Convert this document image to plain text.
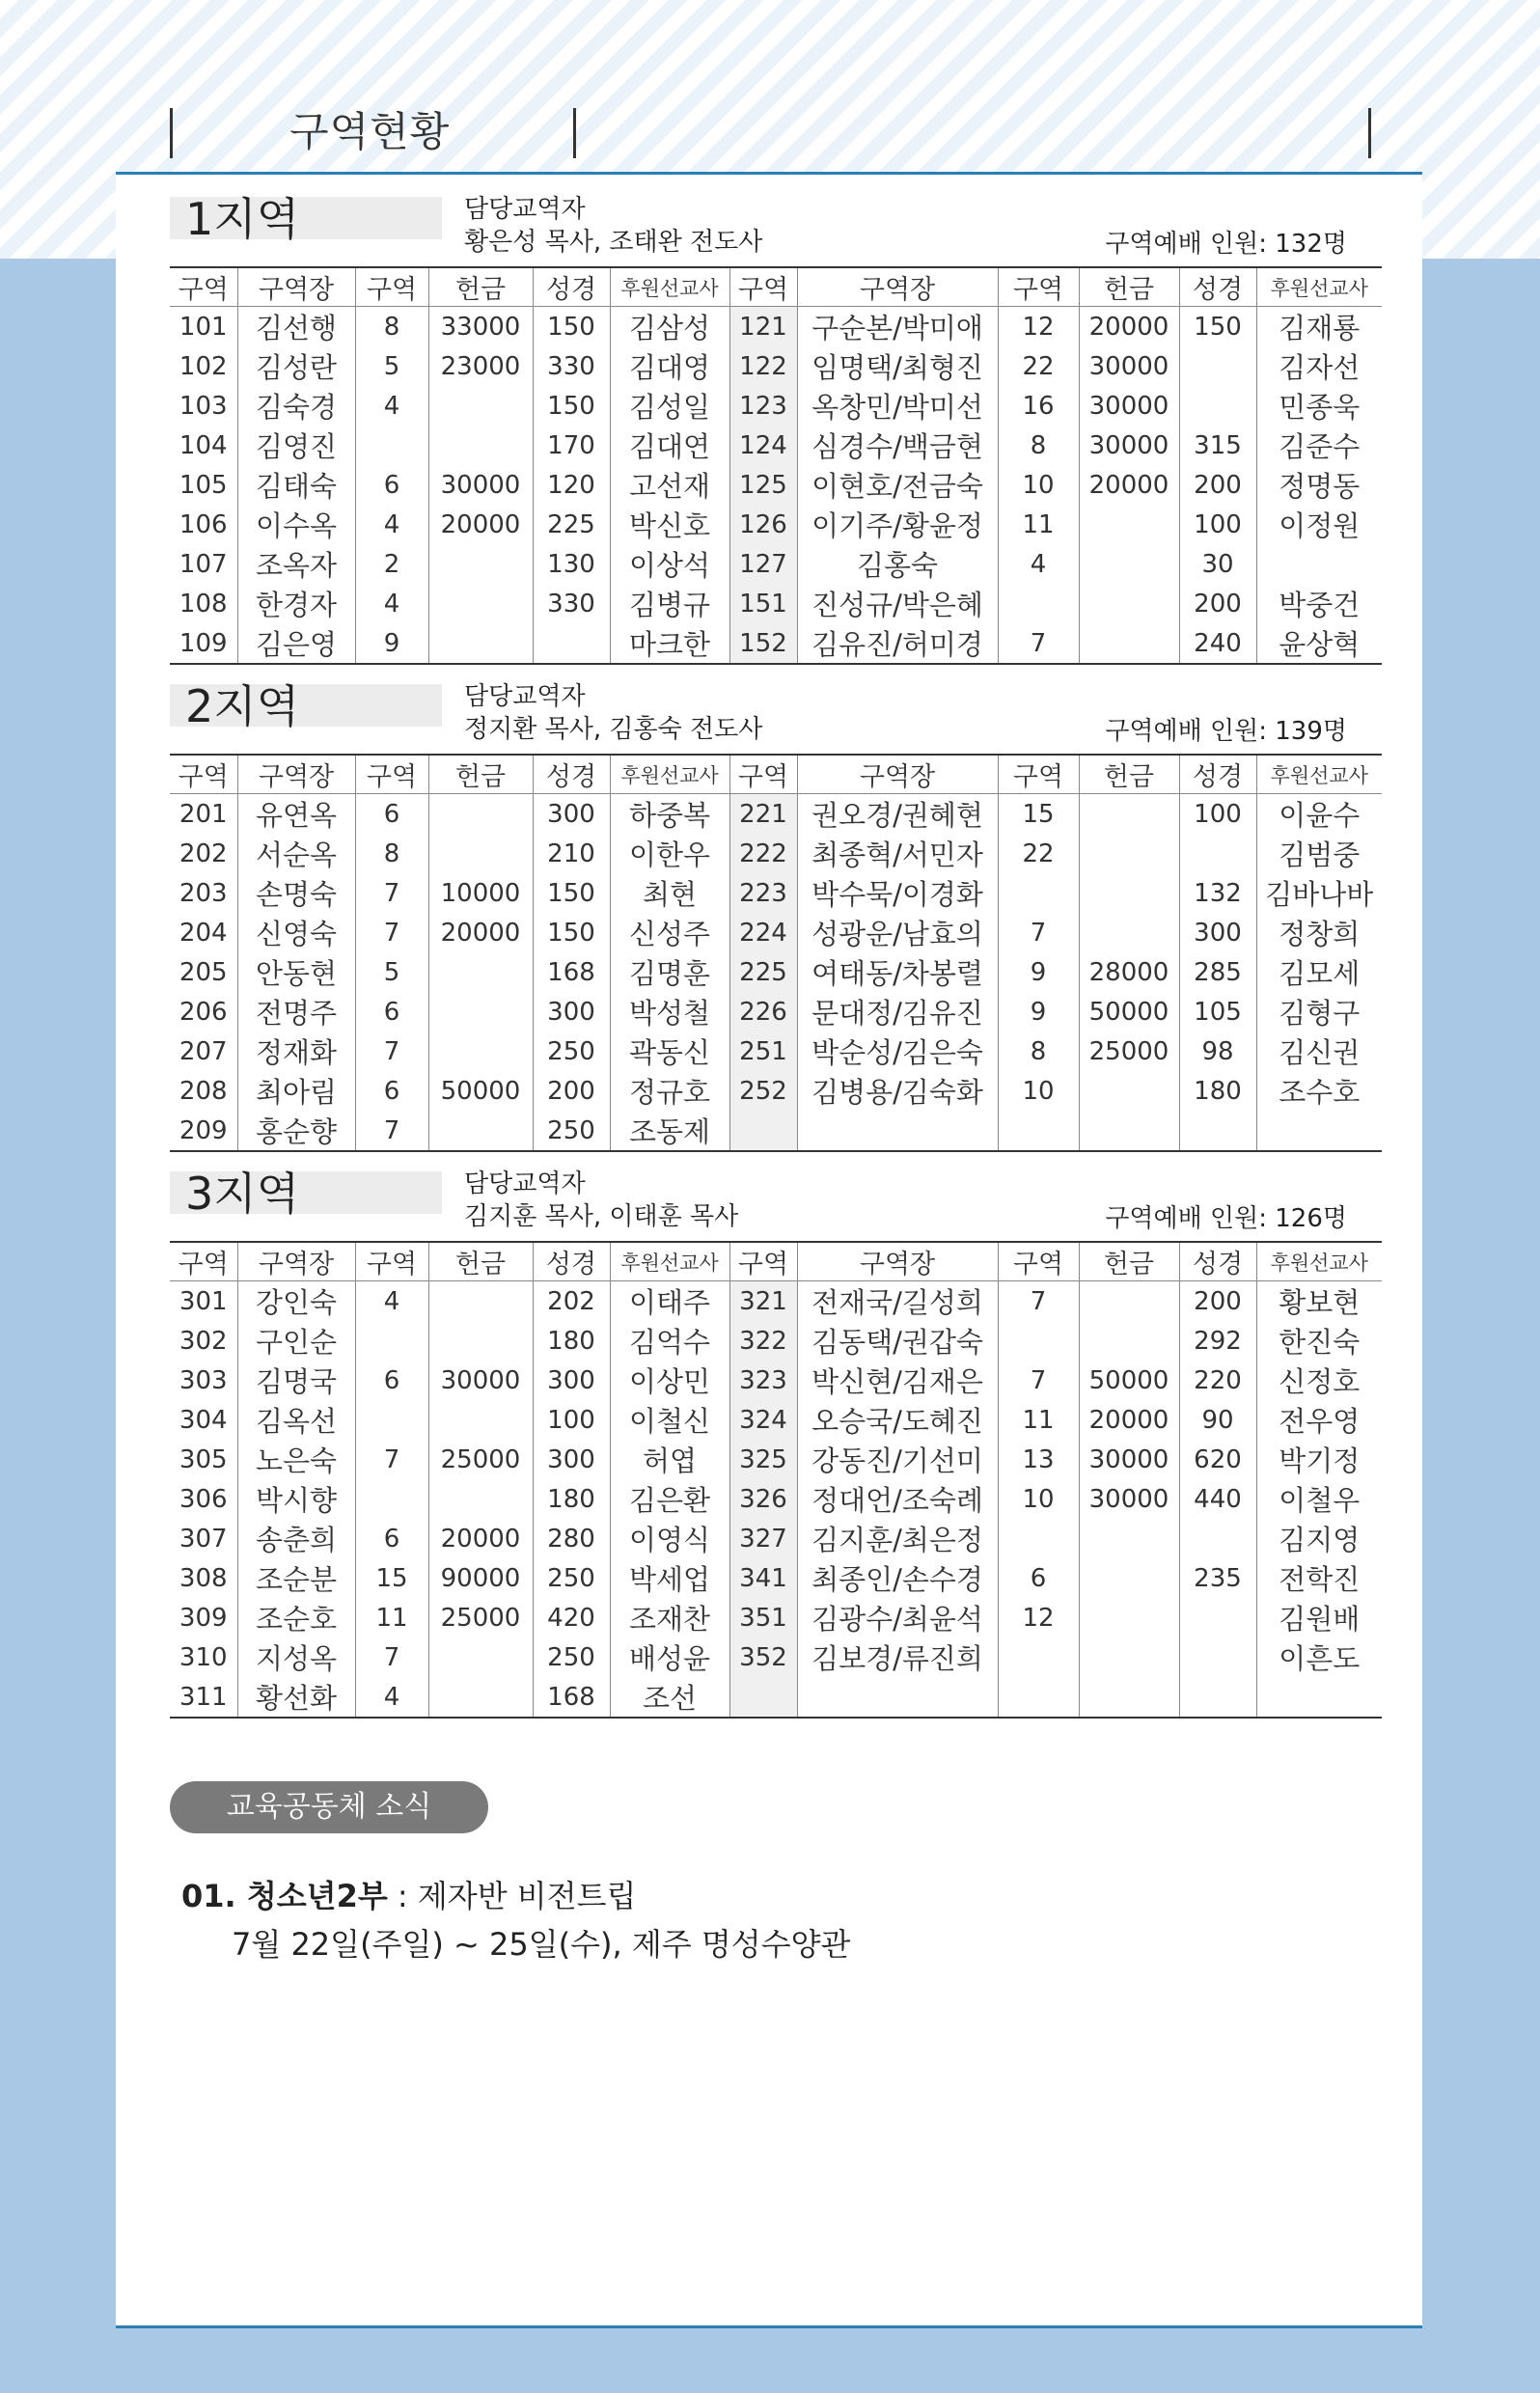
구역현황
1지역	담당교역자
황은성 목사, 조태완 전도사	구역예배 인원: 132명
구역	구역장	구역	헌금	성경	후원선교사	구역	구역장	구역	헌금	성경	후원선교사
101	김선행	8	33000	150	김삼성	121	구순본/박미애	12	20000	150	김재룡
102	김성란	5	23000	330	김대영	122	임명택/최형진	22	30000		김자선
103	김숙경	4		150	김성일	123	옥창민/박미선	16	30000		민종욱
104	김영진			170	김대연	124	심경수/백금현	8	30000	315	김준수
105	김태숙	6	30000	120	고선재	125	이현호/전금숙	10	20000	200	정명동
106	이수옥	4	20000	225	박신호	126	이기주/황윤정	11		100	이정원
107	조옥자	2		130	이상석	127	김홍숙	4		30	
108	한경자	4		330	김병규	151	진성규/박은혜			200	박중건
109	김은영	9			마크한	152	김유진/허미경	7		240	윤상혁
2지역	담당교역자
정지환 목사, 김홍숙 전도사	구역예배 인원: 139명
구역	구역장	구역	헌금	성경	후원선교사	구역	구역장	구역	헌금	성경	후원선교사
201	유연옥	6		300	하중복	221	권오경/권혜현	15		100	이윤수
202	서순옥	8		210	이한우	222	최종혁/서민자	22			김범중
203	손명숙	7	10000	150	최현	223	박수묵/이경화			132	김바나바
204	신영숙	7	20000	150	신성주	224	성광운/남효의	7		300	정창희
205	안동현	5		168	김명훈	225	여태동/차봉렬	9	28000	285	김모세
206	전명주	6		300	박성철	226	문대정/김유진	9	50000	105	김형구
207	정재화	7		250	곽동신	251	박순성/김은숙	8	25000	98	김신권
208	최아림	6	50000	200	정규호	252	김병용/김숙화	10		180	조수호
209	홍순향	7		250	조동제						
3지역	담당교역자
김지훈 목사, 이태훈 목사	구역예배 인원: 126명
구역	구역장	구역	헌금	성경	후원선교사	구역	구역장	구역	헌금	성경	후원선교사
301	강인숙	4		202	이태주	321	전재국/길성희	7		200	황보현
302	구인순			180	김억수	322	김동택/권갑숙			292	한진숙
303	김명국	6	30000	300	이상민	323	박신현/김재은	7	50000	220	신정호
304	김옥선			100	이철신	324	오승국/도혜진	11	20000	90	전우영
305	노은숙	7	25000	300	허엽	325	강동진/기선미	13	30000	620	박기정
306	박시향			180	김은환	326	정대언/조숙례	10	30000	440	이철우
307	송춘희	6	20000	280	이영식	327	김지훈/최은정				김지영
308	조순분	15	90000	250	박세업	341	최종인/손수경	6		235	전학진
309	조순호	11	25000	420	조재찬	351	김광수/최윤석	12			김원배
310	지성옥	7		250	배성윤	352	김보경/류진희				이흔도
311	황선화	4		168	조선						
교육공동체 소식
01. 청소년2부 : 제자반 비전트립
7월 22일(주일) ~ 25일(수), 제주 명성수양관
